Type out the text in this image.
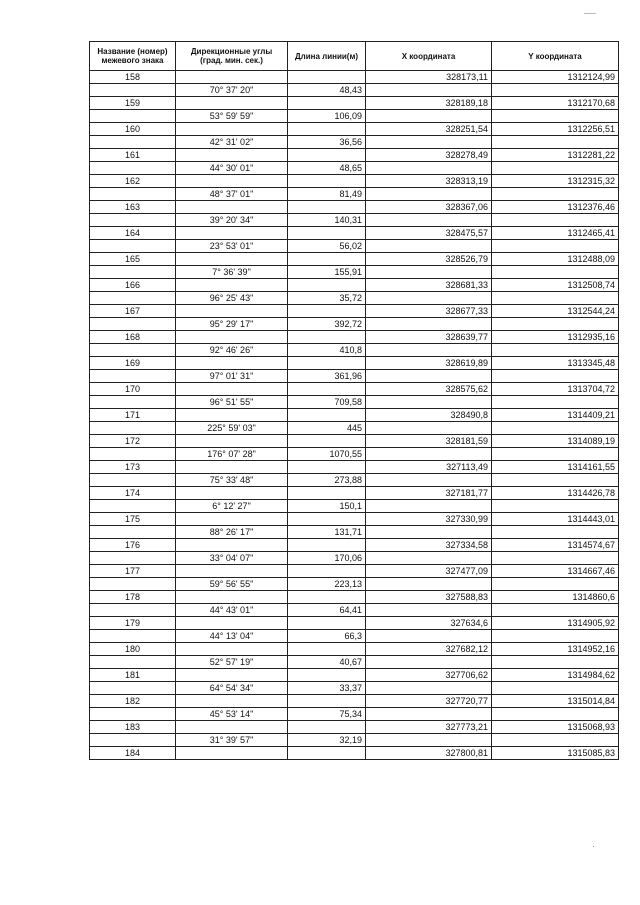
Название (номер) межевого знака	Дирекционные углы (град. мин. сек.)	Длина линии(м)	X координата	Y координата
158			328173,11	1312124,99
	70° 37' 20"	48,43		
159			328189,18	1312170,68
	53° 59' 59"	106,09		
160			328251,54	1312256,51
	42° 31' 02"	36,56		
161			328278,49	1312281,22
	44° 30' 01"	48,65		
162			328313,19	1312315,32
	48° 37' 01"	81,49		
163			328367,06	1312376,46
	39° 20' 34"	140,31		
164			328475,57	1312465,41
	23° 53' 01"	56,02		
165			328526,79	1312488,09
	7° 36' 39"	155,91		
166			328681,33	1312508,74
	96° 25' 43"	35,72		
167			328677,33	1312544,24
	95° 29' 17"	392,72		
168			328639,77	1312935,16
	92° 46' 26"	410,8		
169			328619,89	1313345,48
	97° 01' 31"	361,96		
170			328575,62	1313704,72
	96° 51' 55"	709,58		
171			328490,8	1314409,21
	225° 59' 03"	445		
172			328181,59	1314089,19
	176° 07' 28"	1070,55		
173			327113,49	1314161,55
	75° 33' 48"	273,88		
174			327181,77	1314426,78
	6° 12' 27"	150,1		
175			327330,99	1314443,01
	88° 26' 17"	131,71		
176			327334,58	1314574,67
	33° 04' 07"	170,06		
177			327477,09	1314667,46
	59° 56' 55"	223,13		
178			327588,83	1314860,6
	44° 43' 01"	64,41		
179			327634,6	1314905,92
	44° 13' 04"	66,3		
180			327682,12	1314952,16
	52° 57' 19"	40,67		
181			327706,62	1314984,62
	64° 54' 34"	33,37		
182			327720,77	1315014,84
	45° 53' 14"	75,34		
183			327773,21	1315068,93
	31° 39' 57"	32,19		
184			327800,81	1315085,83
